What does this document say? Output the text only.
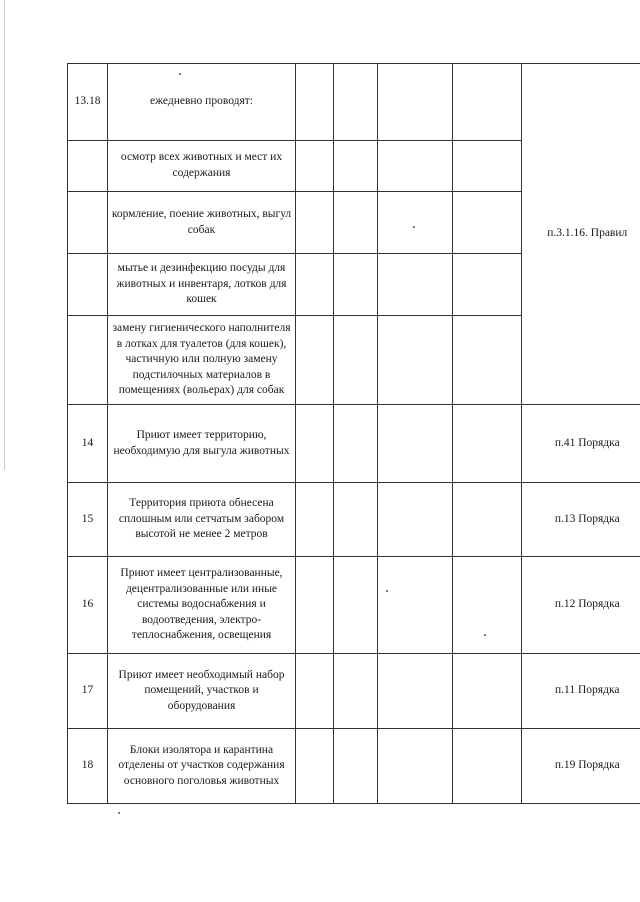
13.18	ежедневно проводят:					п.3.1.16. Правил
	осмотр всех животных и мест их содержания					
	кормление, поение животных, выгул собак					
	мытье и дезинфекцию посуды для животных и инвентаря, лотков для кошек					
	замену гигиенического наполнителя в лотках для туалетов (для кошек), частичную или полную замену подстилочных материалов в помещениях (вольерах) для собак					
14	Приют имеет территорию, необходимую для выгула животных					п.41 Порядка
15	Территория приюта обнесена сплошным или сетчатым забором высотой не менее 2 метров					п.13 Порядка
16	Приют имеет централизованные, децентрализованные или иные системы водоснабжения и водоотведения, электро-теплоснабжения, освещения					п.12 Порядка
17	Приют имеет необходимый набор помещений, участков и оборудования					п.11 Порядка
18	Блоки изолятора и карантина отделены от участков содержания основного поголовья животных					п.19 Порядка
